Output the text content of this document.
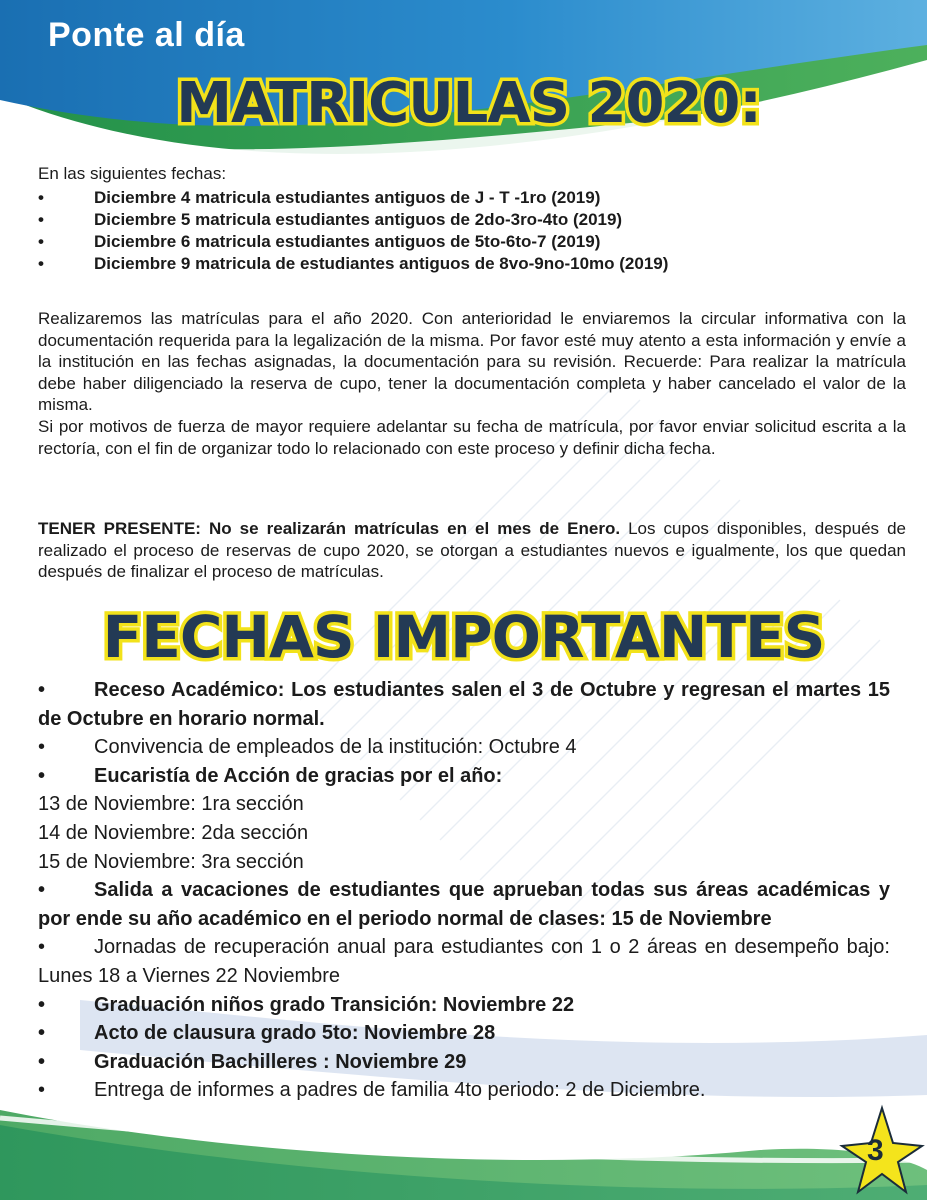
Ponte al día
MATRICULAS 2020:

En las siguientes fechas:

•	Diciembre 4 matricula estudiantes antiguos de J - T -1ro (2019)
•	Diciembre 5 matricula estudiantes antiguos de 2do-3ro-4to (2019)
•	Diciembre 6 matricula estudiantes antiguos de 5to-6to-7 (2019)
•	Diciembre 9 matricula de estudiantes antiguos de 8vo-9no-10mo (2019)
Realizaremos las matrículas para el año 2020. Con anterioridad le enviaremos la circular informativa con la documentación requerida para la legalización de la misma. Por favor esté muy atento a esta información y envíe a la institución en las fechas asignadas, la documentación para su revisión. Recuerde: Para realizar la matrícula debe haber diligenciado la reserva de cupo, tener la documentación completa y haber cancelado el valor de la misma.
Si por motivos de fuerza de mayor requiere adelantar su fecha de matrícula, por favor enviar solicitud escrita a la rectoría, con el fin de organizar todo lo relacionado con este proceso y definir dicha fecha.

TENER PRESENTE: No se realizarán matrículas en el mes de Enero. Los cupos disponibles, después de realizado el proceso de reservas de cupo 2020, se otorgan a estudiantes nuevos e igualmente, los que quedan después de finalizar el proceso de matrículas.

FECHAS IMPORTANTES
• Receso Académico: Los estudiantes salen el 3 de Octubre y regresan el martes 15 de Octubre en horario normal.
• Convivencia de empleados de la institución: Octubre 4
• Eucaristía de Acción de gracias por el año:
13 de Noviembre: 1ra sección
14 de Noviembre: 2da sección
15 de Noviembre: 3ra sección
• Salida a vacaciones de estudiantes que aprueban todas sus áreas académicas y por ende su año académico en el periodo normal de clases: 15 de Noviembre
• Jornadas de recuperación anual para estudiantes con 1 o 2 áreas en desempeño bajo: Lunes 18 a Viernes 22 Noviembre
• Graduación niños grado Transición: Noviembre 22
• Acto de clausura grado 5to: Noviembre 28
• Graduación Bachilleres : Noviembre 29
• Entrega de informes a padres de familia 4to periodo: 2 de Diciembre.
3
